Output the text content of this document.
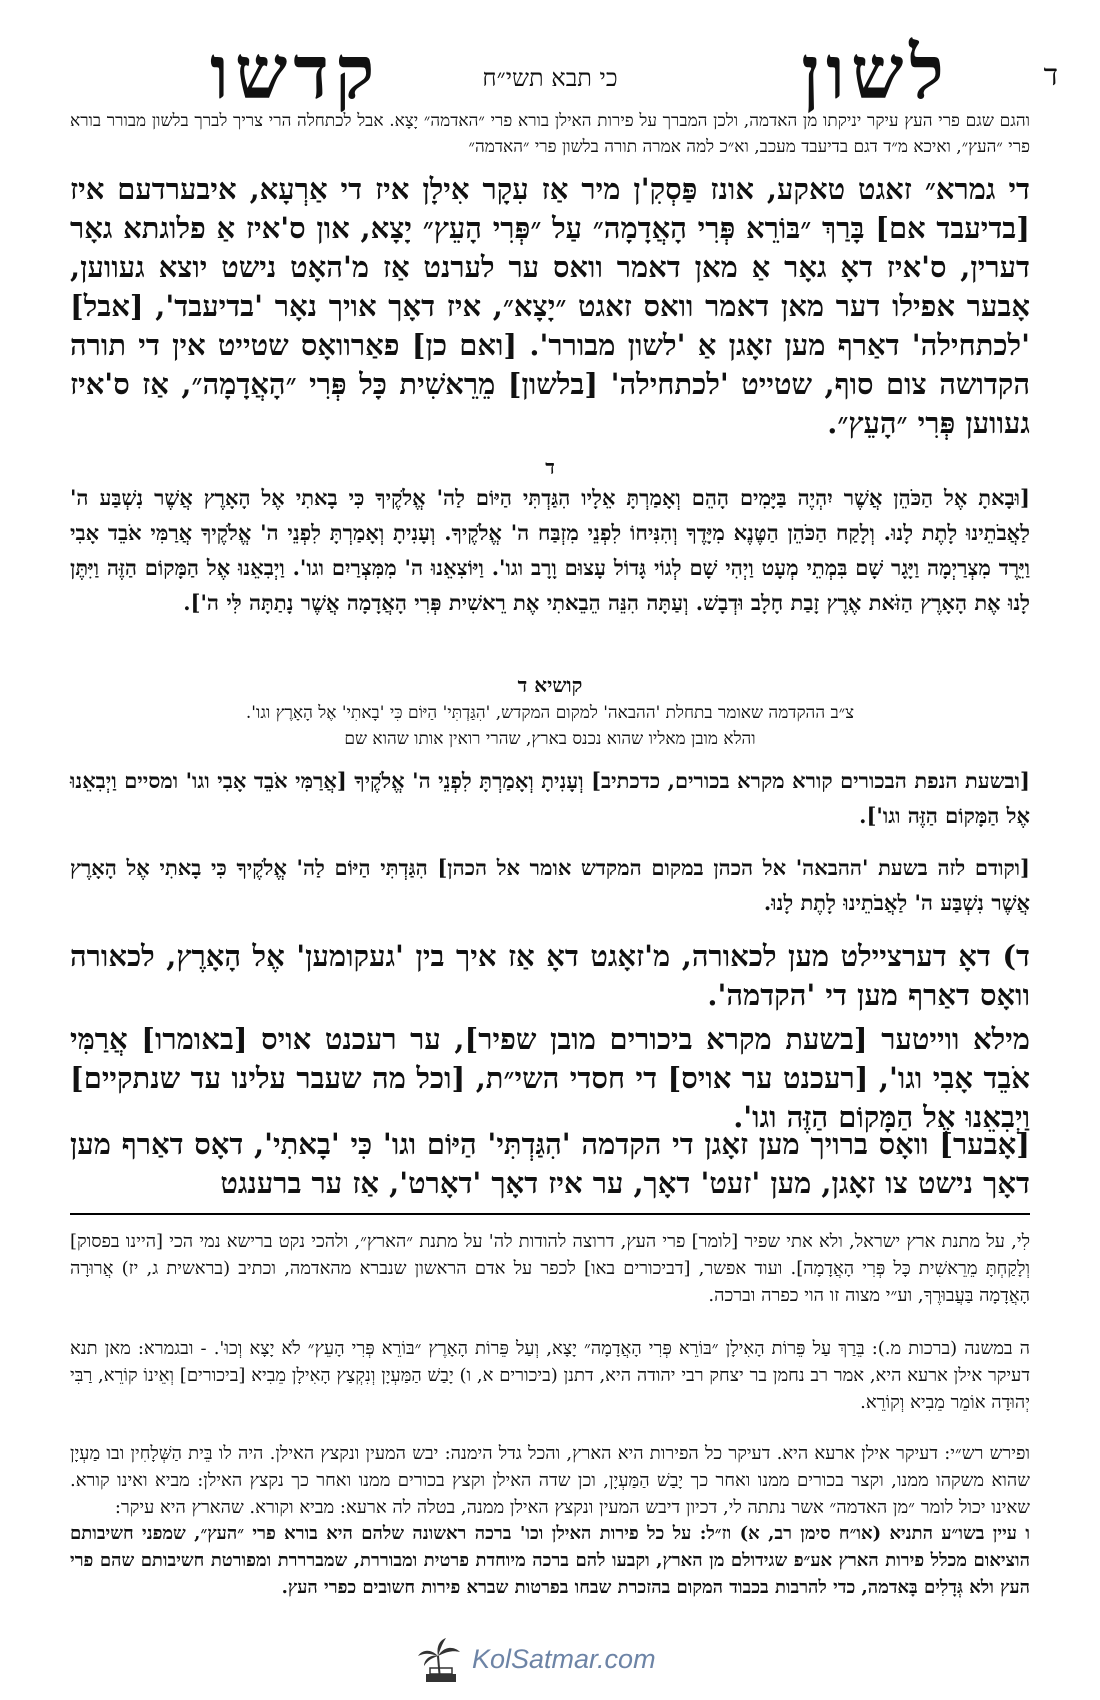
ד
לשון
כי תבא תשי״ח
קדשו
והגם שגם פרי העץ עיקר יניקתו מן האדמה, ולכן המברך על פירות האילן בורא פרי ״האדמה״ יָצָא. אבל לכתחלה הרי צריך לברך בלשון מבורר בורא פרי ״העץ״, ואיכא מ״ד דגם בדיעבד מעכב, וא״כ למה אמרה תורה בלשון פרי ״האדמה״
די גמרא״ זאגט טאקע, אונז פַּסְקִ'ן מיר אַז עִקָר אִילָן איז די אַרְעָא, איבערדעם איז [בדיעבד אם] בָּרַךְ ״בּוֹרֵא פְּרִי הָאֲדָמָה״ עַל ״פְּרִי הָעֵץ״ יָצָא, און ס'איז אַ פלוגתא גאָר דערין, ס'איז דאָ גאָר אַ מאן דאמר וואס ער לערנט אַז מ'האָט נישט יוצא געווען, אָבער אפילו דער מאן דאמר וואס זאגט ״יָצָא״, איז דאָך אויך נאָר 'בדיעבד', [אבל] 'לכתחילה' דאַרף מען זאָגן אַ 'לשון מבורר'. [ואם כן] פאַרוואָס שטייט אין די תורה הקדושה צום סוף, שטייט 'לכתחילה' [בלשון] מֵרֵאשִׁית כָּל פְּרִי ״הָאֲדָמָה״, אַז ס'איז געווען פְּרִי ״הָעֵץ״.
ד
[וּבָאתָ אֶל הַכֹּהֵן אֲשֶׁר יִהְיֶה בַּיָּמִים הָהֵם וְאָמַרְתָּ אֵלָיו הִגַּדְתִּי הַיּוֹם לַה' אֱלֹקֶיךָ כִּי בָאתִי אֶל הָאָרֶץ אֲשֶׁר נִשְׁבַּע ה' לַאֲבֹתֵינוּ לָתֶת לָנוּ. וְלָקַח הַכֹּהֵן הַטֶּנֶא מִיָּדֶךָ וְהִנִּיחוֹ לִפְנֵי מִזְבַּח ה' אֱלֹקֶיךָ. וְעָנִיתָ וְאָמַרְתָּ לִפְנֵי ה' אֱלֹקֶיךָ אֲרַמִּי אֹבֵד אָבִי וַיֵּרֶד מִצְרַיְמָה וַיָּגָר שָׁם בִּמְתֵי מְעָט וַיְהִי שָׁם לְגוֹי גָּדוֹל עָצוּם וָרָב וגו'. וַיּוֹצִאֵנוּ ה' מִמִּצְרַיִם וגו'. וַיְבִאֵנוּ אֶל הַמָּקוֹם הַזֶּה וַיִּתֶּן לָנוּ אֶת הָאָרֶץ הַזֹּאת אֶרֶץ זָבַת חָלָב וּדְבָשׁ. וְעַתָּה הִנֵּה הֵבֵאתִי אֶת רֵאשִׁית פְּרִי הָאֲדָמָה אֲשֶׁר נָתַתָּה לִּי ה'].
קושיא ד
צ״ב ההקדמה שאומר בתחלת 'ההבאה' למקום המקדש, 'הִגַּדְתִּי' הַיּוֹם כִּי 'בָאתִי' אֶל הָאָרֶץ וגו'.
והלא מובן מאליו שהוא נכנס בארץ, שהרי רואין אותו שהוא שם
[ובשעת הנפת הבכורים קורא מקרא בכורים, כדכתיב] וְעָנִיתָ וְאָמַרְתָּ לִפְנֵי ה' אֱלֹקֶיךָ [אֲרַמִּי אֹבֵד אָבִי וגו' ומסיים וַיְבִאֵנוּ אֶל הַמָּקוֹם הַזֶּה וגו'].
[וקודם לזה בשעת 'ההבאה' אל הכהן במקום המקדש אומר אל הכהן] הִגַּדְתִּי הַיּוֹם לַה' אֱלֹקֶיךָ כִּי בָאתִי אֶל הָאָרֶץ אֲשֶׁר נִשְׁבַּע ה' לַאֲבֹתֵינוּ לָתֶת לָנוּ.
ד) דאָ דערציילט מען לכאורה, מ'זאָגט דאָ אַז איך בין 'געקומען' אֶל הָאָרֶץ, לכאורה וואָס דאַרף מען די 'הקדמה'.
מילא ווייטער [בשעת מקרא ביכורים מובן שפיר], ער רעכנט אויס [באומרו] אֲרַמִּי אֹבֵד אָבִי וגו', [רעכנט ער אויס] די חסדי השי״ת, [וכל מה שעבר עלינו עד שנתקיים] וַיְבִאֵנוּ אֶל הַמָּקוֹם הַזֶּה וגו'.
[אָבער] וואָס ברויך מען זאָגן די הקדמה 'הִגַּדְתִּי' הַיּוֹם וגו' כִּי 'בָאתִי', דאָס דאַרף מען דאָך נישט צו זאָגן, מען 'זעט' דאָך, ער איז דאָך 'דאָרט', אַז ער ברענגט
לִי, על מתנת ארץ ישראל, ולא אתי שפיר [לומר] פרי העץ, דרוצה להודות לה' על מתנת ״הארץ״, ולהכי נקט ברישא נמי הכי [היינו בפסוק] וְלָקַחְתָּ מֵרֵאשִׁית כָּל פְּרִי הָאֲדָמָה]. ועוד אפשר, [דביכורים באו] לכפר על אדם הראשון שנברא מהאדמה, וכתיב (בראשית ג, יז) אֲרוּרָה הָאֲדָמָה בַּעֲבוּרֶךָ, וע״י מצוה זו הוי כפרה וברכה.
ה במשנה (ברכות מ.): בֵּרַךְ עַל פֵּרוֹת הָאִילָן ״בּוֹרֵא פְּרִי הָאֲדָמָה״ יָצָא, וְעַל פֵּרוֹת הָאָרֶץ ״בּוֹרֵא פְּרִי הָעֵץ״ לֹא יָצָא וְכוּ'. - ובגמרא: מאן תנא דעיקר אילן ארעא היא, אמר רב נחמן בר יצחק רבי יהודה היא, דתנן (ביכורים א, ו) יָבַשׁ הַמַּעְיָן וְנִקְצַץ הָאִילָן מֵבִיא [ביכורים] וְאֵינוֹ קוֹרֵא, רַבִּי יְהוּדָה אוֹמֵר מֵבִיא וְקוֹרֵא.
ופירש רש״י: דעיקר אילן ארעא היא. דעיקר כל הפירות היא הארץ, והכל גדל הימנה: יבש המעין ונקצץ האילן. היה לו בֵּית הַשְּׁלָחִין ובו מַעְיָן שהוא משקהו ממנו, וקצר בכורים ממנו ואחר כך יָבַשׁ הַמַּעְיָן, וכן שדה האילן וקצץ בכורים ממנו ואחר כך נקצץ האילן: מביא ואינו קורא. שאינו יכול לומר ״מן האדמה״ אשר נתתה לי, דכיון דיבש המעין ונקצץ האילן ממנה, בטלה לה ארעא: מביא וקורא. שהארץ היא עיקר:
ו עיין בשו״ע התניא (או״ח סימן רב, א) וז״ל: על כל פירות האילן וכו' ברכה ראשונה שלהם היא בורא פרי ״העץ״, שמפני חשיבותם הוציאום מכלל פירות הארץ אע״פ שגידולם מן הארץ, וקבעו להם ברכה מיוחדת פרטית ומבוררת, שמברררת ומפורטת חשיבותם שהם פרי העץ ולא גְּדָלִים בָּאדמה, כדי להרבות בכבוד המקום בהזכרת שבחו בפרטות שברא פירות חשובים כפרי העץ.
KolSatmar.com
